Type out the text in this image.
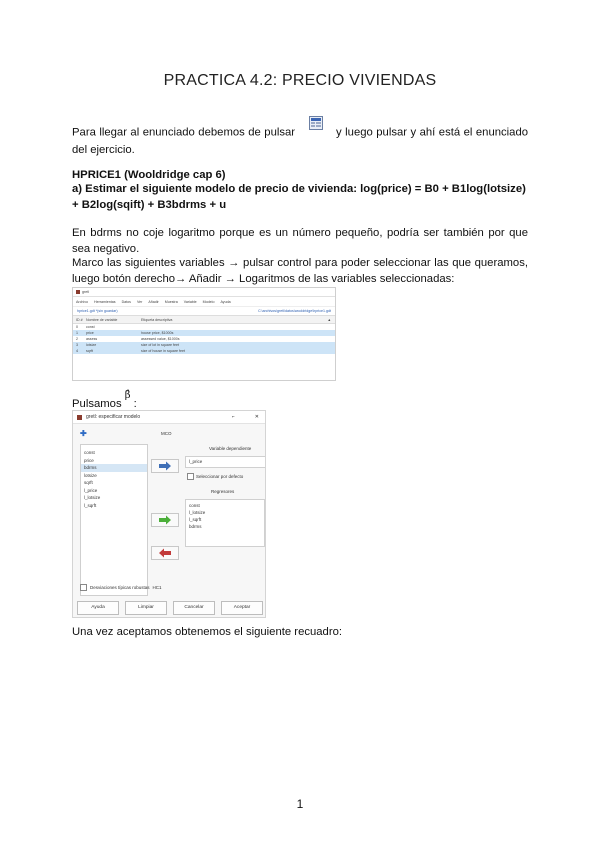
PRACTICA 4.2: PRECIO VIVIENDAS
Para llegar al enunciado debemos de pulsar	y luego pulsar y ahí está el enunciado del ejercicio.
HPRICE1 (Wooldridge cap 6)
a) Estimar el siguiente modelo de precio de vivienda: log(price) = B0 + B1log(lotsize) + B2log(sqift) + B3bdrms + u
En bdrms no coje logaritmo porque es un número pequeño, podría ser también por que sea negativo.
Marco las siguientes variables → pulsar control para poder seleccionar las que queramos, luego botón derecho→ Añadir → Logaritmos de las variables seleccionadas:
gretl
Archivo Herramientas Datos Ver Añadir Muestra Variable Modelo Ayuda
hprice1.gdt *(sin guardar)	C:\archivos\gretl\datos\wooldridge\hprice1.gdt
ID # Nombre de variable	Etiqueta descriptiva	▲
0	const
1	price	house price, $1000s
2	assess	assessed value, $1000s
3	lotsize	size of lot in square feet
4	sqrft	size of house in square feet
Pulsamos β̂ :
gretl: especificar modelo	⌐	✕
✚	MCO
const
price
bdrms
lotsize
sqrft
l_price
l_lotsize
l_sqrft
Variable dependiente
l_price
Seleccionar por defecto
Regresores
const
l_lotsize
l_sqrft
bdrms
Desviaciones típicas robustas HC1
Ayuda	Limpiar	Cancelar	Aceptar
Una vez aceptamos obtenemos el siguiente recuadro:
1
